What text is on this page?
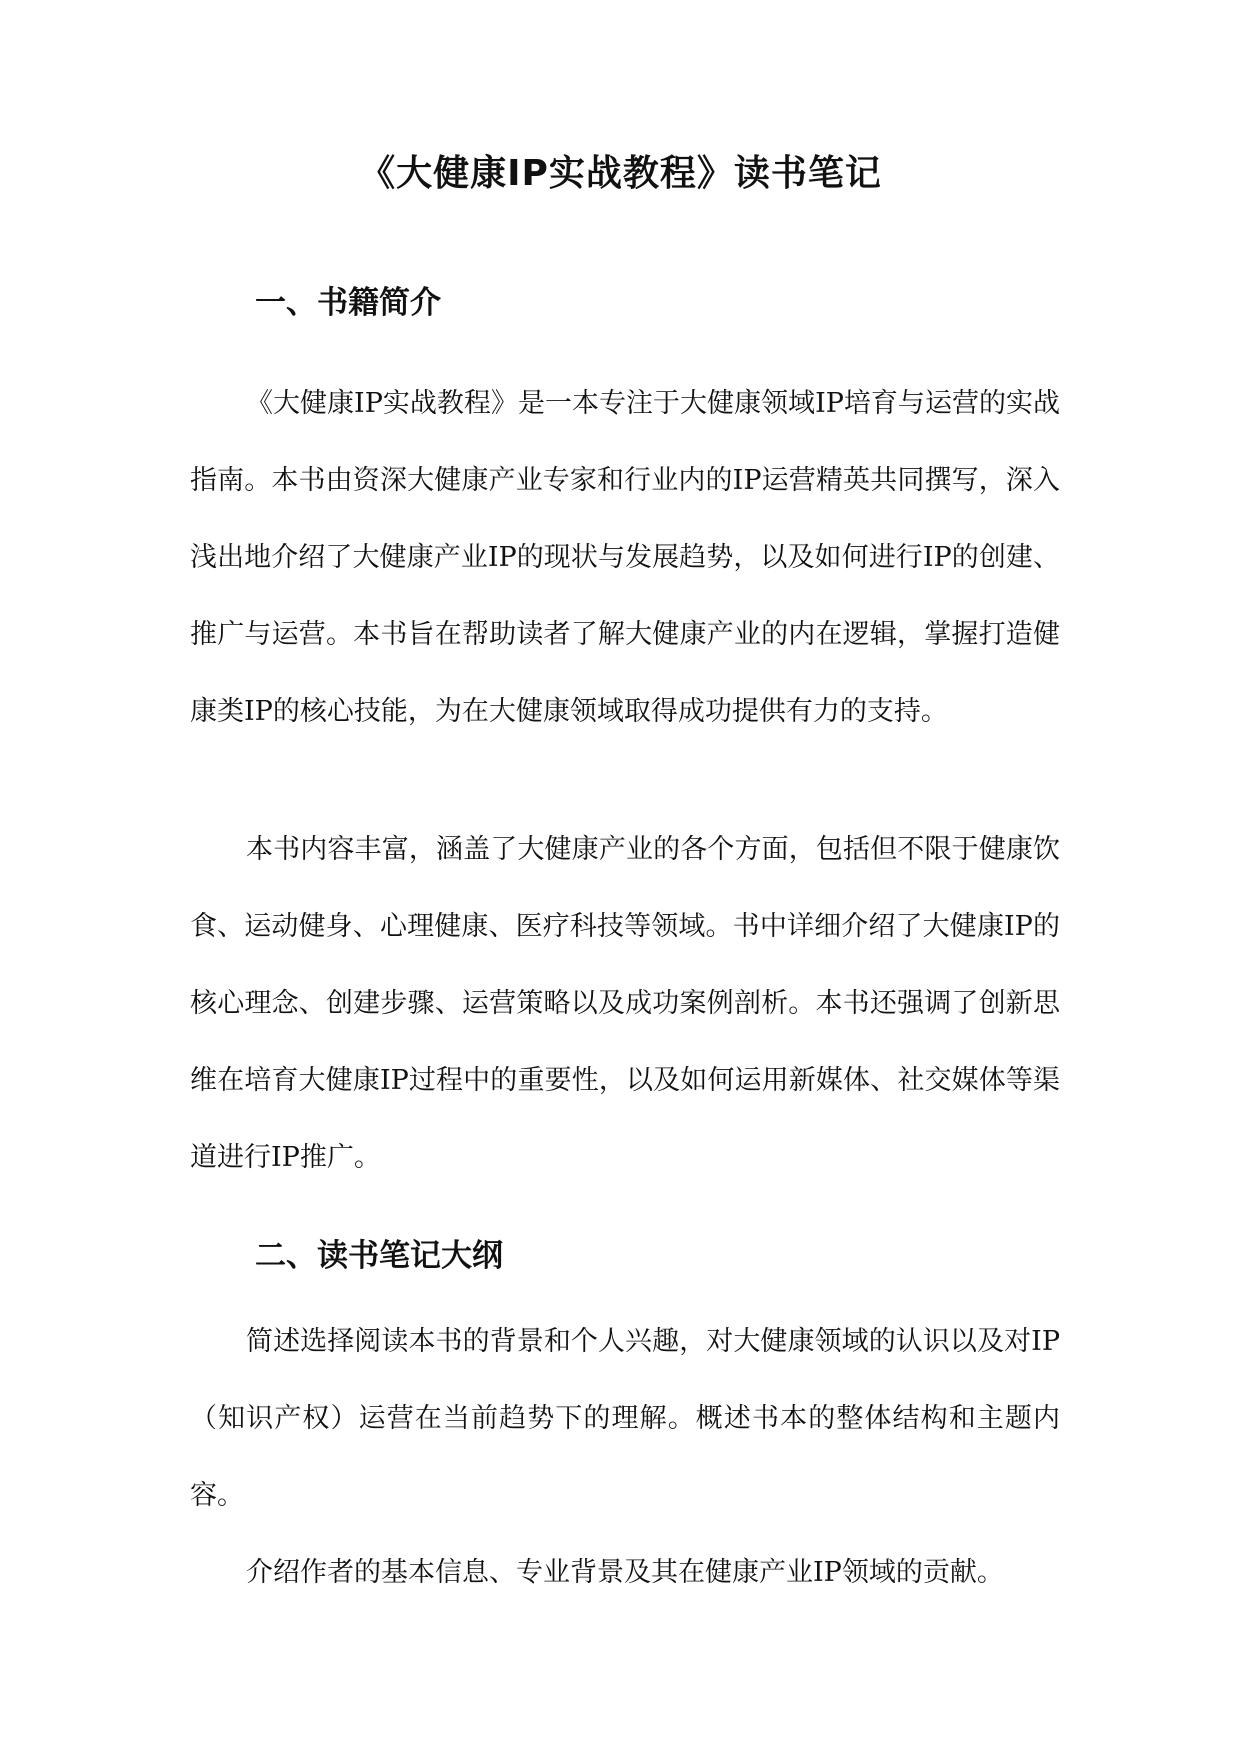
《大健康IP实战教程》读书笔记
一、书籍简介

《大健康IP实战教程》是一本专注于大健康领域IP培育与运营的实战指南。本书由资深大健康产业专家和行业内的IP运营精英共同撰写，深入浅出地介绍了大健康产业IP的现状与发展趋势，以及如何进行IP的创建、推广与运营。本书旨在帮助读者了解大健康产业的内在逻辑，掌握打造健康类IP的核心技能，为在大健康领域取得成功提供有力的支持。

本书内容丰富，涵盖了大健康产业的各个方面，包括但不限于健康饮食、运动健身、心理健康、医疗科技等领域。书中详细介绍了大健康IP的核心理念、创建步骤、运营策略以及成功案例剖析。本书还强调了创新思维在培育大健康IP过程中的重要性，以及如何运用新媒体、社交媒体等渠道进行IP推广。

二、读书笔记大纲

简述选择阅读本书的背景和个人兴趣，对大健康领域的认识以及对IP（知识产权）运营在当前趋势下的理解。概述书本的整体结构和主题内容。

介绍作者的基本信息、专业背景及其在健康产业IP领域的贡献。
